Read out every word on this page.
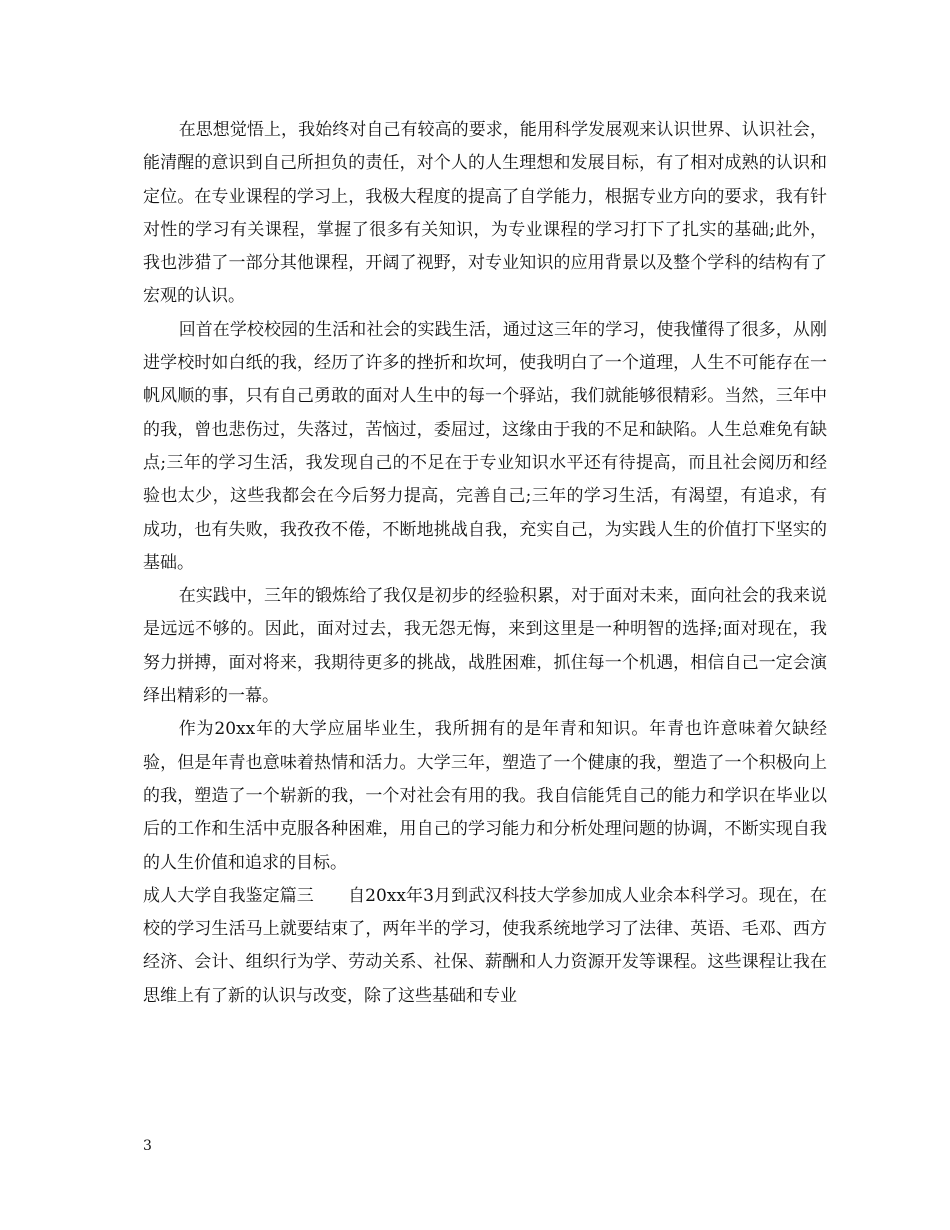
在思想觉悟上，我始终对自己有较高的要求，能用科学发展观来认识世界、认识社会，能清醒的意识到自己所担负的责任，对个人的人生理想和发展目标，有了相对成熟的认识和定位。在专业课程的学习上，我极大程度的提高了自学能力，根据专业方向的要求，我有针对性的学习有关课程，掌握了很多有关知识，为专业课程的学习打下了扎实的基础;此外，我也涉猎了一部分其他课程，开阔了视野，对专业知识的应用背景以及整个学科的结构有了宏观的认识。

回首在学校校园的生活和社会的实践生活，通过这三年的学习，使我懂得了很多，从刚进学校时如白纸的我，经历了许多的挫折和坎坷，使我明白了一个道理，人生不可能存在一帆风顺的事，只有自己勇敢的面对人生中的每一个驿站，我们就能够很精彩。当然，三年中的我，曾也悲伤过，失落过，苦恼过，委屈过，这缘由于我的不足和缺陷。人生总难免有缺点;三年的学习生活，我发现自己的不足在于专业知识水平还有待提高，而且社会阅历和经验也太少，这些我都会在今后努力提高，完善自己;三年的学习生活，有渴望，有追求，有成功，也有失败，我孜孜不倦，不断地挑战自我，充实自己，为实践人生的价值打下坚实的基础。

在实践中，三年的锻炼给了我仅是初步的经验积累，对于面对未来，面向社会的我来说是远远不够的。因此，面对过去，我无怨无悔，来到这里是一种明智的选择;面对现在，我努力拼搏，面对将来，我期待更多的挑战，战胜困难，抓住每一个机遇，相信自己一定会演绎出精彩的一幕。

作为20xx年的大学应届毕业生，我所拥有的是年青和知识。年青也许意味着欠缺经验，但是年青也意味着热情和活力。大学三年，塑造了一个健康的我，塑造了一个积极向上的我，塑造了一个崭新的我，一个对社会有用的我。我自信能凭自己的能力和学识在毕业以后的工作和生活中克服各种困难，用自己的学习能力和分析处理问题的协调，不断实现自我的人生价值和追求的目标。

成人大学自我鉴定篇三　　自20xx年3月到武汉科技大学参加成人业余本科学习。现在，在校的学习生活马上就要结束了，两年半的学习，使我系统地学习了法律、英语、毛邓、西方经济、会计、组织行为学、劳动关系、社保、薪酬和人力资源开发等课程。这些课程让我在思维上有了新的认识与改变，除了这些基础和专业

3
